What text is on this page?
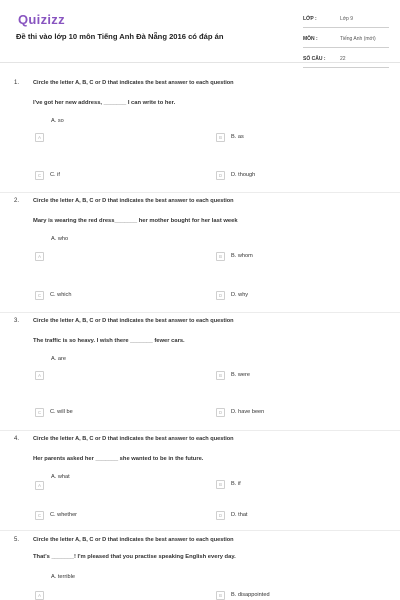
Quizizz
Đề thi vào lớp 10 môn Tiếng Anh Đà Nẵng 2016 có đáp án
LỚP :	Lớp 9
MÔN :	Tiếng Anh (mới)
SỐ CÂU :	22
1. Circle the letter A, B, C or D that indicates the best answer to each question
I've got her new address, _______ I can write to her.
A. so
A	B	B. as
C	C. if	D	D. though
2. Circle the letter A, B, C or D that indicates the best answer to each question
Mary is wearing the red dress_______ her mother bought for her last week
A. who
A	B	B. whom
C	C. which	D	D. why
3. Circle the letter A, B, C or D that indicates the best answer to each question
The traffic is so heavy. I wish there _______ fewer cars.
A. are
A	B	B. were
C	C. will be	D	D. have been
4. Circle the letter A, B, C or D that indicates the best answer to each question
Her parents asked her _______ she wanted to be in the future.
A. what
A	B	B. if
C	C. whether	D	D. that
5. Circle the letter A, B, C or D that indicates the best answer to each question
That's _______! I'm pleased that you practise speaking English every day.
A. terrible
A	B	B. disappointed
